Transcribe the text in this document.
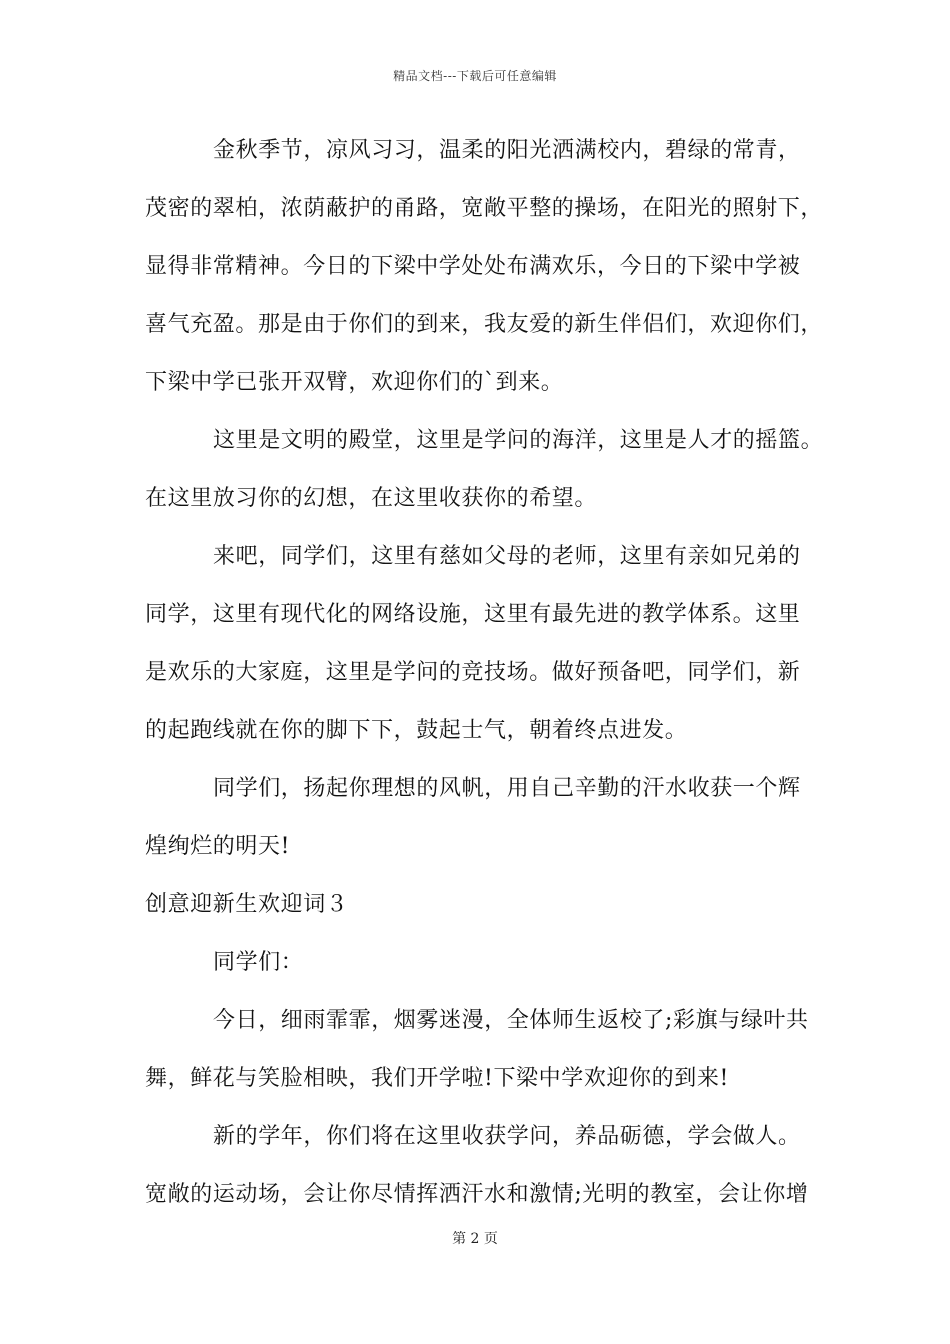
精品文档---下载后可任意编辑
金秋季节，凉风习习，温柔的阳光洒满校内，碧绿的常青，
茂密的翠柏，浓荫蔽护的甬路，宽敞平整的操场，在阳光的照射下，
显得非常精神。今日的下梁中学处处布满欢乐，今日的下梁中学被
喜气充盈。那是由于你们的到来，我友爱的新生伴侣们，欢迎你们，
下梁中学已张开双臂，欢迎你们的`到来。
这里是文明的殿堂，这里是学问的海洋，这里是人才的摇篮。
在这里放习你的幻想，在这里收获你的希望。
来吧，同学们，这里有慈如父母的老师，这里有亲如兄弟的
同学，这里有现代化的网络设施，这里有最先进的教学体系。这里
是欢乐的大家庭，这里是学问的竞技场。做好预备吧，同学们，新
的起跑线就在你的脚下下，鼓起士气，朝着终点进发。
同学们，扬起你理想的风帆，用自己辛勤的汗水收获一个辉
煌绚烂的明天!
创意迎新生欢迎词３
同学们：
今日，细雨霏霏，烟雾迷漫，全体师生返校了;彩旗与绿叶共
舞，鲜花与笑脸相映，我们开学啦!下梁中学欢迎你的到来!
新的学年，你们将在这里收获学问，养品砺德，学会做人。
宽敞的运动场，会让你尽情挥洒汗水和激情;光明的教室，会让你增
第 2 页
